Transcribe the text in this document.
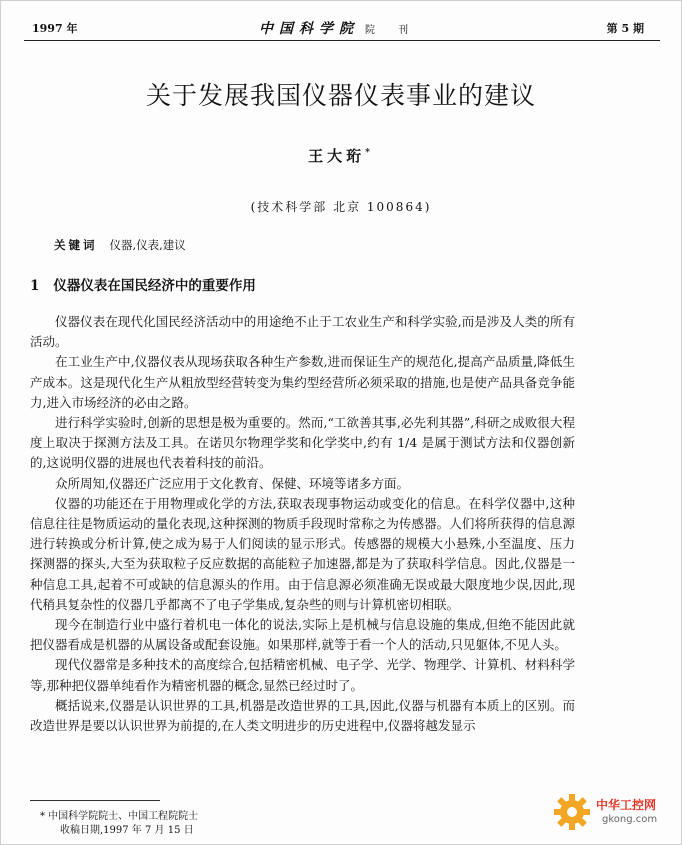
1997 年	中国科学院 院 刊	第 5 期
关于发展我国仪器仪表事业的建议
王大珩*
(技术科学部 北京 100864)
关键词 仪器,仪表,建议
1 仪器仪表在国民经济中的重要作用

仪器仪表在现代化国民经济活动中的用途绝不止于工农业生产和科学实验,而是涉及人类的所有活动。

在工业生产中,仪器仪表从现场获取各种生产参数,进而保证生产的规范化,提高产品质量,降低生产成本。这是现代化生产从粗放型经营转变为集约型经营所必须采取的措施,也是使产品具备竞争能力,进入市场经济的必由之路。

进行科学实验时,创新的思想是极为重要的。然而,“工欲善其事,必先利其器”,科研之成败很大程度上取决于探测方法及工具。在诺贝尔物理学奖和化学奖中,约有 1/4 是属于测试方法和仪器创新的,这说明仪器的进展也代表着科技的前沿。

众所周知,仪器还广泛应用于文化教育、保健、环境等诸多方面。

仪器的功能还在于用物理或化学的方法,获取表现事物运动或变化的信息。在科学仪器中,这种信息往往是物质运动的量化表现,这种探测的物质手段现时常称之为传感器。人们将所获得的信息源进行转换或分析计算,使之成为易于人们阅读的显示形式。传感器的规模大小悬殊,小至温度、压力探测器的探头,大至为获取粒子反应数据的高能粒子加速器,都是为了获取科学信息。因此,仪器是一种信息工具,起着不可或缺的信息源头的作用。由于信息源必须准确无误或最大限度地少误,因此,现代稍具复杂性的仪器几乎都离不了电子学集成,复杂些的则与计算机密切相联。

现今在制造行业中盛行着机电一体化的说法,实际上是机械与信息设施的集成,但绝不能因此就把仪器看成是机器的从属设备或配套设施。如果那样,就等于看一个人的活动,只见躯体,不见人头。

现代仪器常是多种技术的高度综合,包括精密机械、电子学、光学、物理学、计算机、材料科学等,那种把仪器单纯看作为精密机器的概念,显然已经过时了。

概括说来,仪器是认识世界的工具,机器是改造世界的工具,因此,仪器与机器有本质上的区别。而改造世界是要以认识世界为前提的,在人类文明进步的历史进程中,仪器将越发显示

* 中国科学院院士、中国工程院院士
收稿日期,1997 年 7 月 15 日
中华工控网
gkong.com
